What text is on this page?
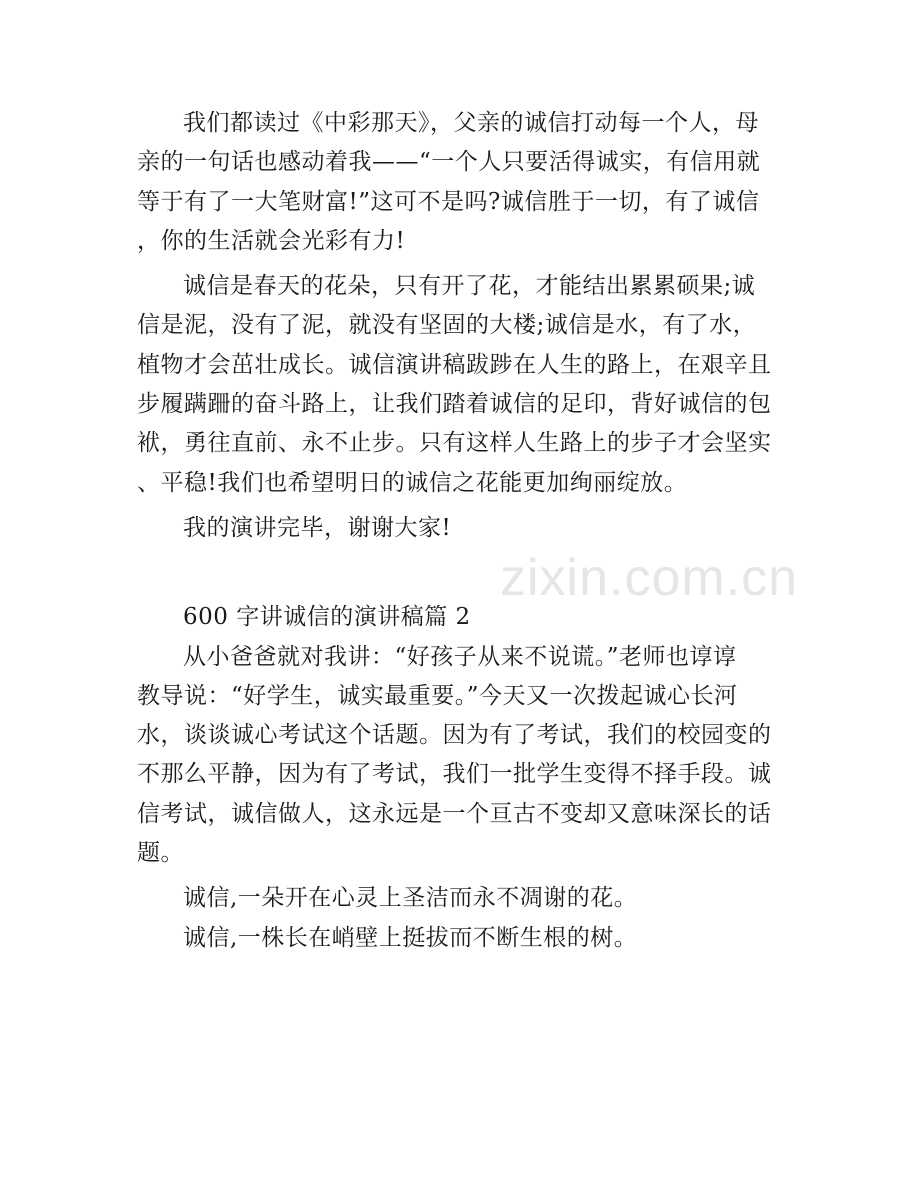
zixin.com.cn
我们都读过《中彩那天》，父亲的诚信打动每一个人，母
亲的一句话也感动着我——“一个人只要活得诚实，有信用就
等于有了一大笔财富!”这可不是吗?诚信胜于一切，有了诚信
，你的生活就会光彩有力!
诚信是春天的花朵，只有开了花，才能结出累累硕果;诚
信是泥，没有了泥，就没有坚固的大楼;诚信是水，有了水，
植物才会茁壮成长。诚信演讲稿跋踄在人生的路上，在艰辛且
步履蹒跚的奋斗路上，让我们踏着诚信的足印，背好诚信的包
袱，勇往直前、永不止步。只有这样人生路上的步子才会坚实
、平稳!我们也希望明日的诚信之花能更加绚丽绽放。
我的演讲完毕，谢谢大家!
600 字讲诚信的演讲稿篇 2
从小爸爸就对我讲：“好孩子从来不说谎。”老师也谆谆
教导说：“好学生，诚实最重要。”今天又一次拨起诚心长河
水，谈谈诚心考试这个话题。因为有了考试，我们的校园变的
不那么平静，因为有了考试，我们一批学生变得不择手段。诚
信考试，诚信做人，这永远是一个亘古不变却又意味深长的话
题。
诚信,一朵开在心灵上圣洁而永不凋谢的花。
诚信,一株长在峭壁上挺拔而不断生根的树。
